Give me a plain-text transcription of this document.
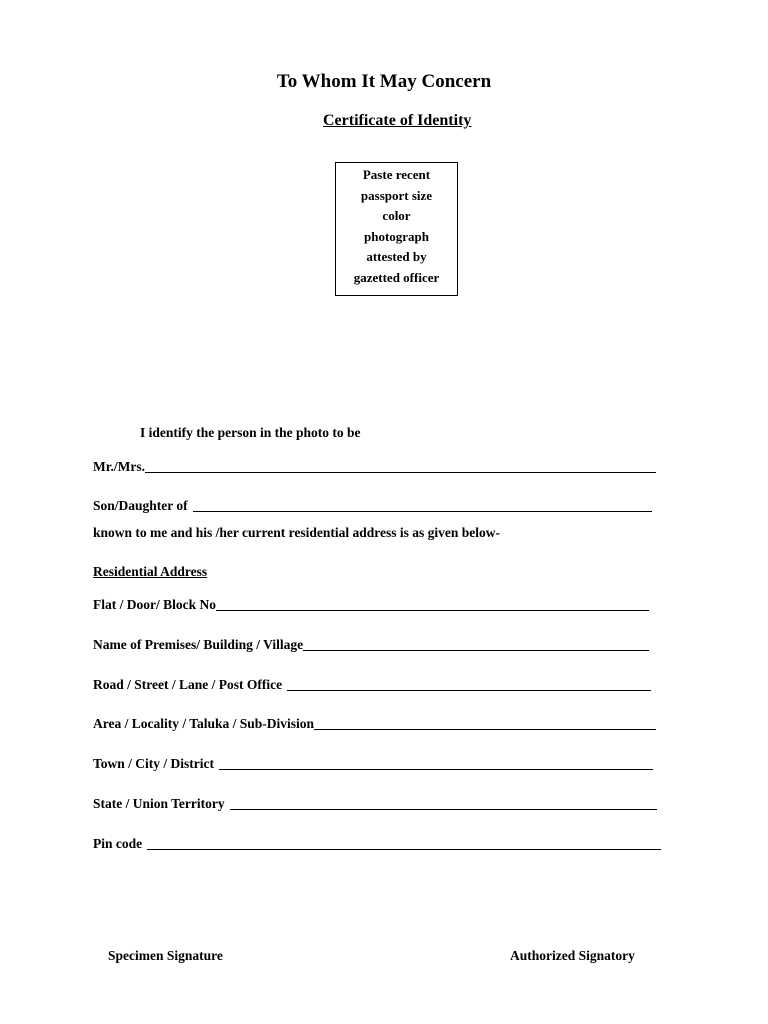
To Whom It May Concern
Certificate of Identity
Paste recent
passport size
color
photograph
attested by
gazetted officer

I identify the person in the photo to be

Mr./Mrs.
Son/Daughter of

known to me and his /her current residential address is as given below-

Residential Address

Flat / Door/ Block No
Name of Premises/ Building / Village
Road / Street / Lane / Post Office
Area / Locality / Taluka / Sub-Division
Town / City / District
State / Union Territory
Pin code

Specimen Signature	Authorized Signatory
